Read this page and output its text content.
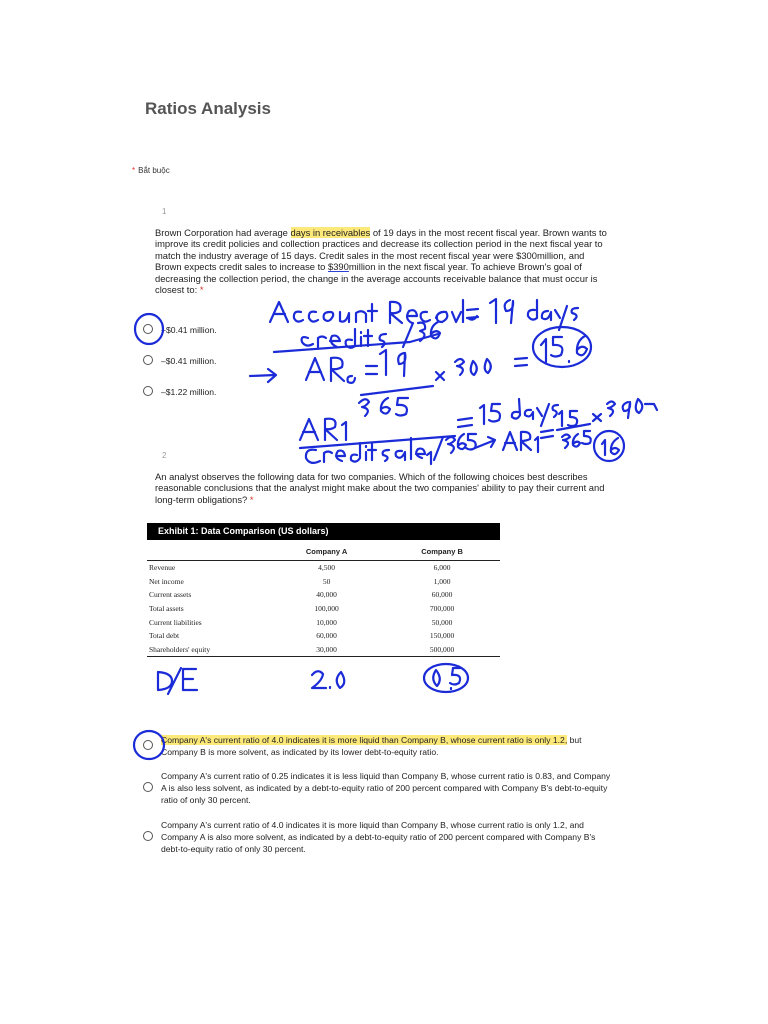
Ratios Analysis
* Bắt buộc
1
Brown Corporation had average days in receivables of 19 days in the most recent fiscal year. Brown wants to improve its credit policies and collection practices and decrease its collection period in the next fiscal year to match the industry average of 15 days. Credit sales in the most recent fiscal year were $300million, and Brown expects credit sales to increase to $390million in the next fiscal year. To achieve Brown's goal of decreasing the collection period, the change in the average accounts receivable balance that must occur is closest to: *
+$0.41 million.
–$0.41 million.
–$1.22 million.
2
An analyst observes the following data for two companies. Which of the following choices best describes reasonable conclusions that the analyst might make about the two companies' ability to pay their current and long-term obligations? *
Exhibit 1: Data Comparison (US dollars)
	Company A	Company B
Revenue	4,500	6,000
Net income	50	1,000
Current assets	40,000	60,000
Total assets	100,000	700,000
Current liabilities	10,000	50,000
Total debt	60,000	150,000
Shareholders' equity	30,000	500,000
Company A's current ratio of 4.0 indicates it is more liquid than Company B, whose current ratio is only 1.2, but Company B is more solvent, as indicated by its lower debt-to-equity ratio.
Company A's current ratio of 0.25 indicates it is less liquid than Company B, whose current ratio is 0.83, and Company A is also less solvent, as indicated by a debt-to-equity ratio of 200 percent compared with Company B's debt-to-equity ratio of only 30 percent.
Company A's current ratio of 4.0 indicates it is more liquid than Company B, whose current ratio is only 1.2, and Company A is also more solvent, as indicated by a debt-to-equity ratio of 200 percent compared with Company B's debt-to-equity ratio of only 30 percent.
